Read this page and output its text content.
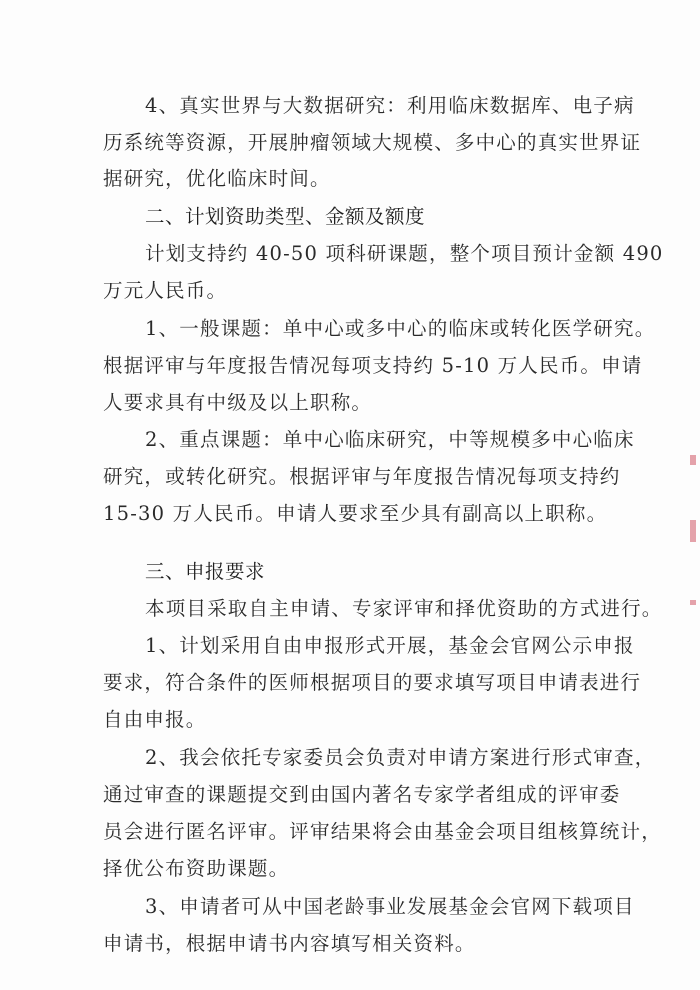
4、真实世界与大数据研究：利用临床数据库、电子病
历系统等资源，开展肿瘤领域大规模、多中心的真实世界证
据研究，优化临床时间。
二、计划资助类型、金额及额度
计划支持约 40-50 项科研课题，整个项目预计金额 490
万元人民币。
1、一般课题：单中心或多中心的临床或转化医学研究。
根据评审与年度报告情况每项支持约 5-10 万人民币。申请
人要求具有中级及以上职称。
2、重点课题：单中心临床研究，中等规模多中心临床
研究，或转化研究。根据评审与年度报告情况每项支持约
15-30 万人民币。申请人要求至少具有副高以上职称。
三、申报要求
本项目采取自主申请、专家评审和择优资助的方式进行。
1、计划采用自由申报形式开展，基金会官网公示申报
要求，符合条件的医师根据项目的要求填写项目申请表进行
自由申报。
2、我会依托专家委员会负责对申请方案进行形式审查，
通过审查的课题提交到由国内著名专家学者组成的评审委
员会进行匿名评审。评审结果将会由基金会项目组核算统计，
择优公布资助课题。
3、申请者可从中国老龄事业发展基金会官网下载项目
申请书，根据申请书内容填写相关资料。
